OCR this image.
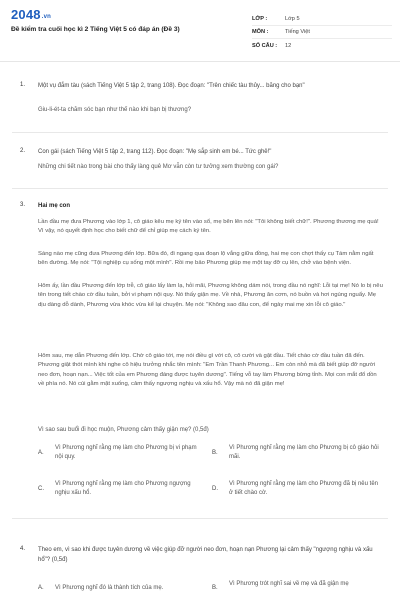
2048.vn
Đề kiểm tra cuối học kì 2 Tiếng Việt 5 có đáp án (Đề 3)
LỚP :	Lớp 5
MÔN :	Tiếng Việt
SỐ CÂU :	12
1. Một vụ đắm tàu (sách Tiếng Việt 5 tập 2, trang 108). Đọc đoạn: "Trên chiếc tàu thủy... băng cho bạn"
Giu-li-ét-ta chăm sóc bạn như thế nào khi bạn bị thương?
2. Con gái (sách Tiếng Việt 5 tập 2, trang 112). Đọc đoạn: "Mẹ sắp sinh em bé... Tức ghê!"
Những chi tiết nào trong bài cho thấy làng quê Mơ vẫn còn tư tưởng xem thường con gái?
3. Hai mẹ con
Lần đầu mẹ đưa Phương vào lớp 1, cô giáo kêu mẹ ký tên vào sổ, mẹ bẽn lẽn nói: "Tôi không biết chữ!". Phương thương mẹ quá! Vì vậy, nó quyết định học cho biết chữ để chỉ giúp mẹ cách ký tên.
Sáng nào mẹ cũng đưa Phương đến lớp. Bữa đó, đi ngang qua đoạn lộ vắng giữa đồng, hai mẹ con chợt thấy cụ Tám nằm ngất bên đường. Mẹ nói: "Tội nghiệp cụ sống một mình". Rồi mẹ bảo Phương giúp mẹ một tay đỡ cụ lên, chở vào bệnh viện.
Hôm ấy, lần đầu Phương đến lớp trễ, cô giáo lấy làm lạ, hỏi mãi, Phương không dám nói, trong đầu nó nghĩ: Lỗi tại mẹ! Nó lo bị nêu tên trong tiết chào cờ đầu tuần, bởi vi phạm nội quy. Nó thấy giận mẹ. Về nhà, Phương ăn cơm, nó buồn và hơi ngúng nguẩy. Mẹ dịu dàng dỗ dành, Phương vừa khóc vừa kể lại chuyện. Mẹ nói: "Không sao đâu con, để ngày mai mẹ xin lỗi cô giáo."
Hôm sau, mẹ dẫn Phương đến lớp. Chờ cô giáo tới, mẹ nói điều gì với cô, cô cười và gật đầu. Tiết chào cờ đầu tuần đã đến. Phương giật thót mình khi nghe cô hiệu trưởng nhắc tên mình: "Em Trần Thanh Phương... Em còn nhỏ mà đã biết giúp đỡ người neo đơn, hoạn nạn... Việc tốt của em Phương đáng được tuyên dương". Tiếng vỗ tay làm Phương bừng tỉnh. Mọi con mắt đổ dồn về phía nó. Nó cúi gằm mặt xuống, cảm thấy ngượng nghịu và xấu hổ. Vậy mà nó đã giận mẹ!
Vì sao sau buổi đi học muộn, Phương cảm thấy giận mẹ? (0,5đ)
A.
Vì Phương nghĩ rằng mẹ làm cho Phương bị vi phạm nội quy.
B.
Vì Phương nghĩ rằng mẹ làm cho Phương bị cô giáo hỏi mãi.
C.
Vì Phương nghĩ rằng mẹ làm cho Phương ngượng nghịu xấu hổ.
D.
Vì Phương nghĩ rằng mẹ làm cho Phương đã bị nêu tên ở tiết chào cờ.
4. Theo em, vì sao khi được tuyên dương về việc giúp đỡ người neo đơn, hoạn nạn Phương lại cảm thấy "ngượng nghịu và xấu hổ"? (0,5đ)
A. Vì Phương nghĩ đó là thành tích của mẹ.	B.
Vì Phương trót nghĩ sai về mẹ và đã giận mẹ
